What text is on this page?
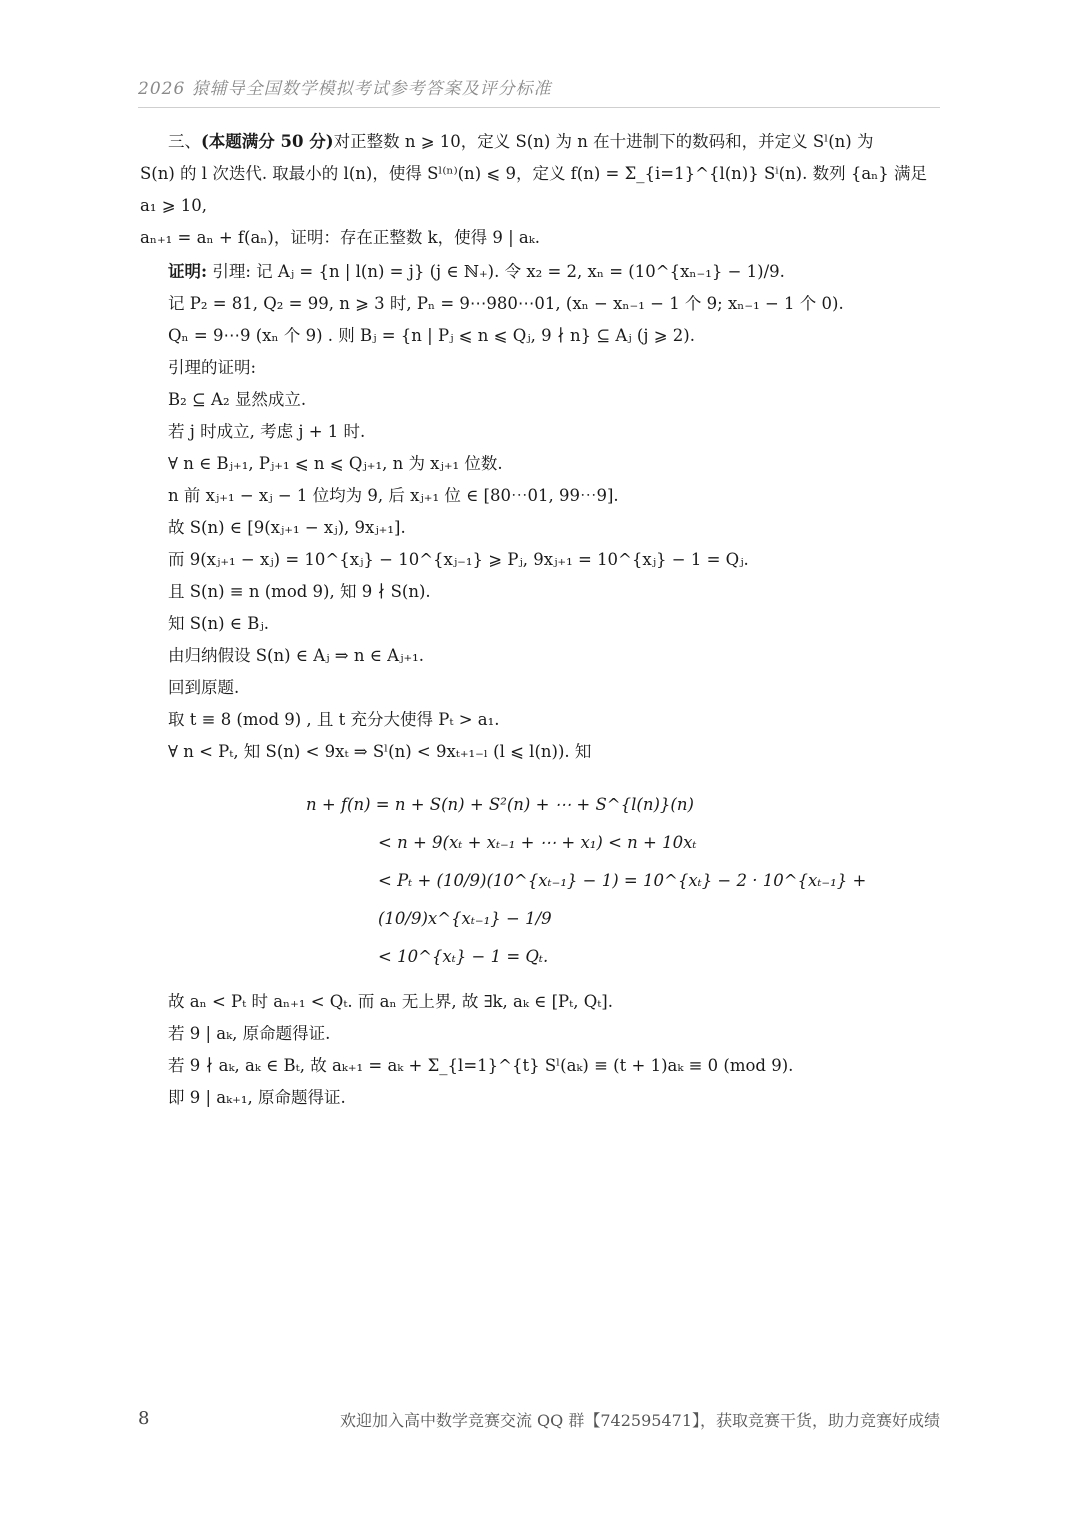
2026 猿辅导全国数学模拟考试参考答案及评分标准

三、(本题满分 50 分)对正整数 n ⩾ 10，定义 S(n) 为 n 在十进制下的数码和，并定义 Sˡ(n) 为

S(n) 的 l 次迭代. 取最小的 l(n)，使得 Sˡ⁽ⁿ⁾(n) ⩽ 9，定义 f(n) = Σ_{i=1}^{l(n)} Sⁱ(n). 数列 {aₙ} 满足 a₁ ⩾ 10,

aₙ₊₁ = aₙ + f(aₙ)，证明：存在正整数 k，使得 9 | aₖ.

证明: 引理: 记 Aⱼ = {n | l(n) = j} (j ∈ ℕ₊). 令 x₂ = 2, xₙ = (10^{xₙ₋₁} − 1)/9.

记 P₂ = 81, Q₂ = 99, n ⩾ 3 时, Pₙ = 9⋯980⋯01, (xₙ − xₙ₋₁ − 1 个 9; xₙ₋₁ − 1 个 0).

Qₙ = 9⋯9 (xₙ 个 9) . 则 Bⱼ = {n | Pⱼ ⩽ n ⩽ Qⱼ, 9 ∤ n} ⊆ Aⱼ (j ⩾ 2).

引理的证明:

B₂ ⊆ A₂ 显然成立.

若 j 时成立, 考虑 j + 1 时.

∀ n ∈ Bⱼ₊₁, Pⱼ₊₁ ⩽ n ⩽ Qⱼ₊₁, n 为 xⱼ₊₁ 位数.

n 前 xⱼ₊₁ − xⱼ − 1 位均为 9, 后 xⱼ₊₁ 位 ∈ [80⋯01, 99⋯9].

故 S(n) ∈ [9(xⱼ₊₁ − xⱼ), 9xⱼ₊₁].

而 9(xⱼ₊₁ − xⱼ) = 10^{xⱼ} − 10^{xⱼ₋₁} ⩾ Pⱼ, 9xⱼ₊₁ = 10^{xⱼ} − 1 = Qⱼ.

且 S(n) ≡ n (mod 9), 知 9 ∤ S(n).

知 S(n) ∈ Bⱼ.

由归纳假设 S(n) ∈ Aⱼ ⇒ n ∈ Aⱼ₊₁.

回到原题.

取 t ≡ 8 (mod 9) , 且 t 充分大使得 Pₜ > a₁.

∀ n < Pₜ, 知 S(n) < 9xₜ ⇒ Sˡ(n) < 9xₜ₊₁₋ₗ (l ⩽ l(n)). 知

n + f(n) = n + S(n) + S²(n) + ⋯ + S^{l(n)}(n)

< n + 9(xₜ + xₜ₋₁ + ⋯ + x₁) < n + 10xₜ

< Pₜ + (10/9)(10^{xₜ₋₁} − 1) = 10^{xₜ} − 2 · 10^{xₜ₋₁} + (10/9)x^{xₜ₋₁} − 1/9

< 10^{xₜ} − 1 = Qₜ.

故 aₙ < Pₜ 时 aₙ₊₁ < Qₜ. 而 aₙ 无上界, 故 ∃k, aₖ ∈ [Pₜ, Qₜ].

若 9 | aₖ, 原命题得证.

若 9 ∤ aₖ, aₖ ∈ Bₜ, 故 aₖ₊₁ = aₖ + Σ_{l=1}^{t} Sˡ(aₖ) ≡ (t + 1)aₖ ≡ 0 (mod 9).

即 9 | aₖ₊₁, 原命题得证.

8	欢迎加入高中数学竞赛交流 QQ 群【742595471】，获取竞赛干货，助力竞赛好成绩
